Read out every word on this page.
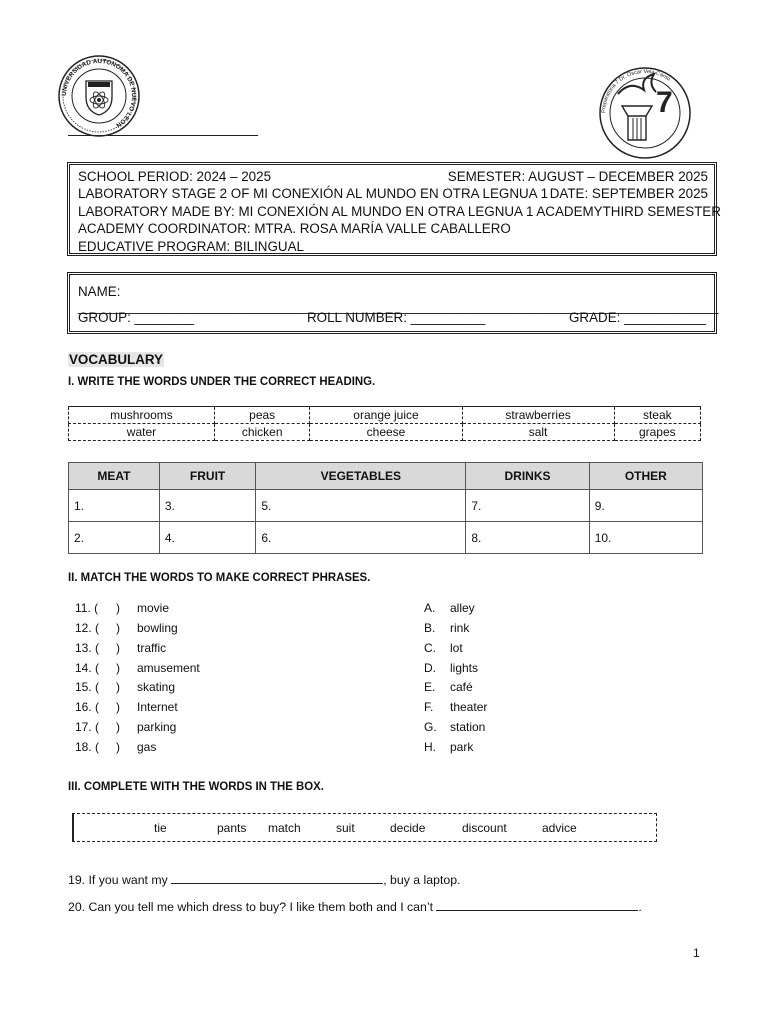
UNIVERSIDAD AUTONOMA DE NUEVO LEON
Preparatoria 7 Dr. Oscar Vela Cantú
7
SCHOOL PERIOD: 2024 – 2025	SEMESTER: AUGUST – DECEMBER 2025
LABORATORY STAGE 2 OF MI CONEXIÓN AL MUNDO EN OTRA LEGNUA 1 DATE: SEPTEMBER 2025
LABORATORY MADE BY: MI CONEXIÓN AL MUNDO EN OTRA LEGNUA 1 ACADEMY THIRD SEMESTER
ACADEMY COORDINATOR: MTRA. ROSA MARÍA VALLE CABALLERO
EDUCATIVE PROGRAM: BILINGUAL
NAME: ______________________________________________________________________________________
GROUP: ________	ROLL NUMBER: __________	GRADE: ___________
VOCABULARY
I. WRITE THE WORDS UNDER THE CORRECT HEADING.
mushrooms	peas	orange juice	strawberries	steak
water	chicken	cheese	salt	grapes
MEAT	FRUIT	VEGETABLES	DRINKS	OTHER
1.	3.	5.	7.	9.
2.	4.	6.	8.	10.
II. MATCH THE WORDS TO MAKE CORRECT PHRASES.
11. (	)	movie
12. (	)	bowling
13. (	)	traffic
14. (	)	amusement
15. (	)	skating
16. (	)	Internet
17. (	)	parking
18. (	)	gas
A.	alley
B.	rink
C.	lot
D.	lights
E.	café
F.	theater
G.	station
H.	park
III. COMPLETE WITH THE WORDS IN THE BOX.
tie	pants match	suit	decide	discount	advice
19. If you want my	, buy a laptop.
20. Can you tell me which dress to buy? I like them both and I can’t	.
1
